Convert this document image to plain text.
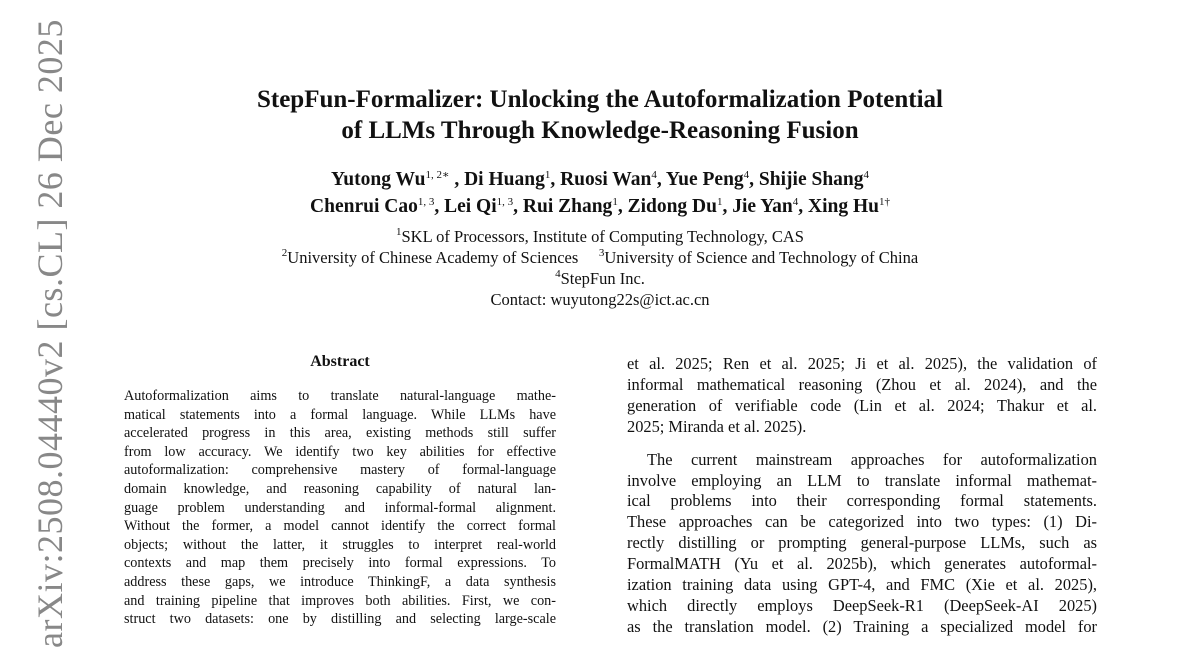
StepFun-Formalizer: Unlocking the Autoformalization Potential
of LLMs Through Knowledge-Reasoning Fusion
Yutong $Wu^{1, 2∗}$ , Di Huang$^1$, Ruosi Wan$^4$, Yue Peng$^4$, Shijie Shang$^4$
Chenrui Cao$^{1, 3}$, Lei Qi$^{1, 3}$, Rui Zhang$^1$, Zidong Du$^1$, Jie Yan$^4$, Xing $Hu^{1\dagger}$
$^1$SKL of Processors, Institute of Computing Technology, CAS
$^2$University of Chinese Academy of Sciences $^3$University of Science and Technology of China
$^4$StepFun Inc.
Contact: wuyutong22s@ict.ac.cn
Abstract
Autoformalization aims to translate natural-language mathe-
matical statements into a formal language. While LLMs have
accelerated progress in this area, existing methods still suffer
from low accuracy. We identify two key abilities for effective
autoformalization: comprehensive mastery of formal-language
domain knowledge, and reasoning capability of natural lan-
guage problem understanding and informal-formal alignment.
Without the former, a model cannot identify the correct formal
objects; without the latter, it struggles to interpret real-world
contexts and map them precisely into formal expressions. To
address these gaps, we introduce ThinkingF, a data synthesis
and training pipeline that improves both abilities. First, we con-
struct two datasets: one by distilling and selecting large-scale
et al. 2025; Ren et al. 2025; Ji et al. 2025), the validation of
informal mathematical reasoning (Zhou et al. 2024), and the
generation of verifiable code (Lin et al. 2024; Thakur et al.
2025; Miranda et al. 2025).
The current mainstream approaches for autoformalization
involve employing an LLM to translate informal mathemat-
ical problems into their corresponding formal statements.
These approaches can be categorized into two types: (1) Di-
rectly distilling or prompting general-purpose LLMs, such as
FormalMATH (Yu et al. 2025b), which generates autoformal-
ization training data using GPT-4, and FMC (Xie et al. 2025),
which directly employs DeepSeek-R1 (DeepSeek-AI 2025)
as the translation model. (2) Training a specialized model for
arXiv:2508.04440v2 [cs.CL] 26 Dec 2025
